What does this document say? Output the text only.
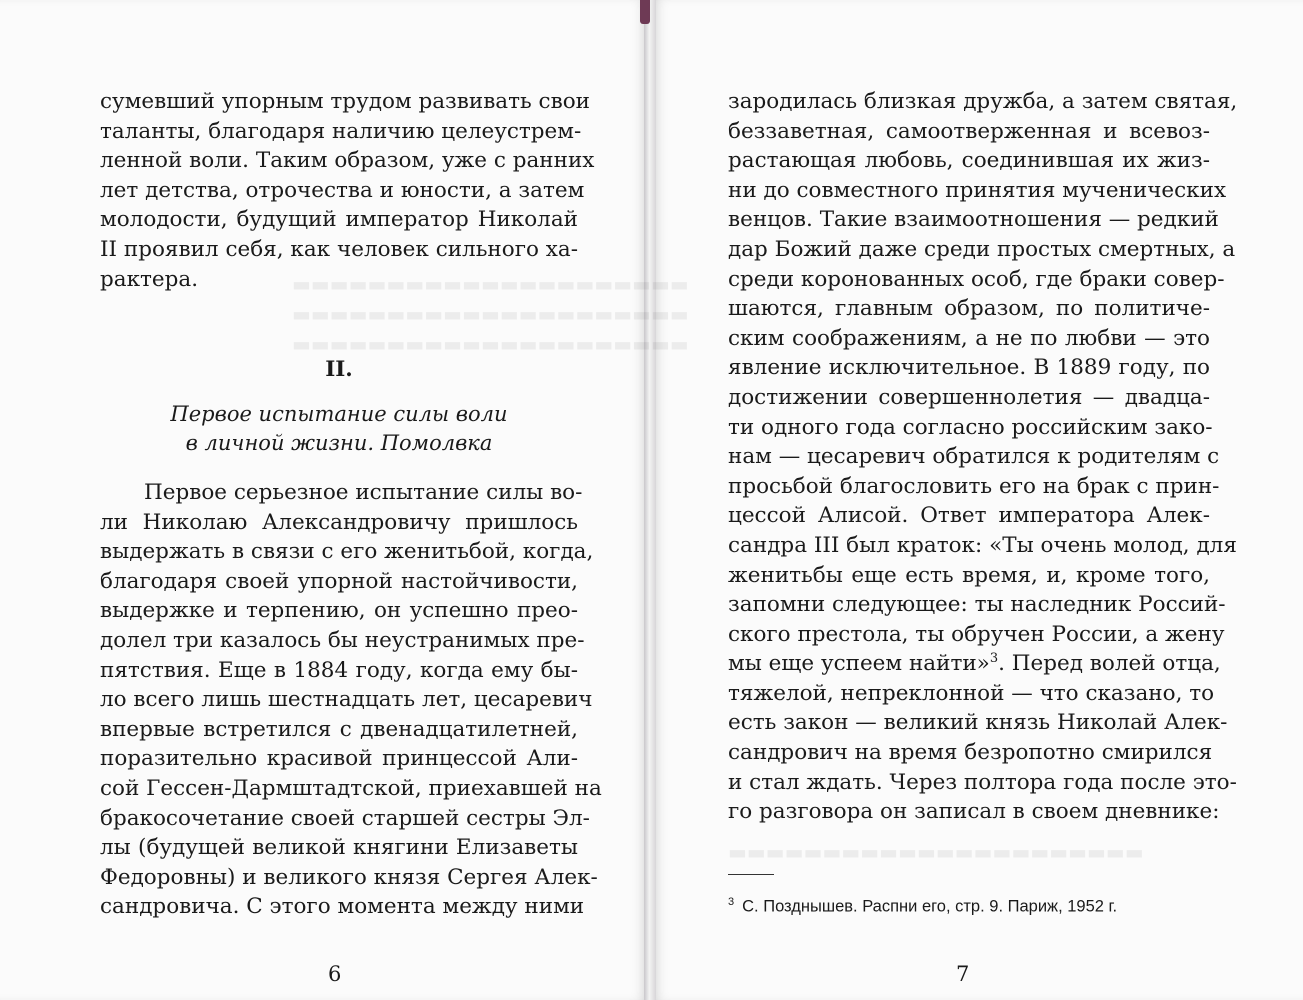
сумевший упорным трудом развивать свои
таланты, благодаря наличию целеустрем-
ленной воли. Таким образом, уже с ранних
лет детства, отрочества и юности, а затем
молодости, будущий император Николай
II проявил себя, как человек сильного ха-
рактера.
II.
Первое испытание силы воли
в личной жизни. Помолвка
Первое серьезное испытание силы во-
ли Николаю Александровичу пришлось
выдержать в связи с его женитьбой, когда,
благодаря своей упорной настойчивости,
выдержке и терпению, он успешно прео-
долел три казалось бы неустранимых пре-
пятствия. Еще в 1884 году, когда ему бы-
ло всего лишь шестнадцать лет, цесаревич
впервые встретился с двенадцатилетней,
поразительно красивой принцессой Али-
сой Гессен-Дармштадтской, приехавшей на
бракосочетание своей старшей сестры Эл-
лы (будущей великой княгини Елизаветы
Федоровны) и великого князя Сергея Алек-
сандровича. С этого момента между ними
6
зародилась близкая дружба, а затем святая,
беззаветная, самоотверженная и всевоз-
растающая любовь, соединившая их жиз-
ни до совместного принятия мученических
венцов. Такие взаимоотношения — редкий
дар Божий даже среди простых смертных, а
среди коронованных особ, где браки совер-
шаются, главным образом, по политиче-
ским соображениям, а не по любви — это
явление исключительное. В 1889 году, по
достижении совершеннолетия — двадца-
ти одного года согласно российским зако-
нам — цесаревич обратился к родителям с
просьбой благословить его на брак с прин-
цессой Алисой. Ответ императора Алек-
сандра III был краток: «Ты очень молод, для
женитьбы еще есть время, и, кроме того,
запомни следующее: ты наследник Россий-
ского престола, ты обручен России, а жену
мы еще успеем найти»$^3$. Перед волей отца,
тяжелой, непреклонной — что сказано, то
есть закон — великий князь Николай Алек-
сандрович на время безропотно смирился
и стал ждать. Через полтора года после это-
го разговора он записал в своем дневнике:
$^3$ С. Позднышев. Распни его, стр. 9. Париж, 1952 г.
7
